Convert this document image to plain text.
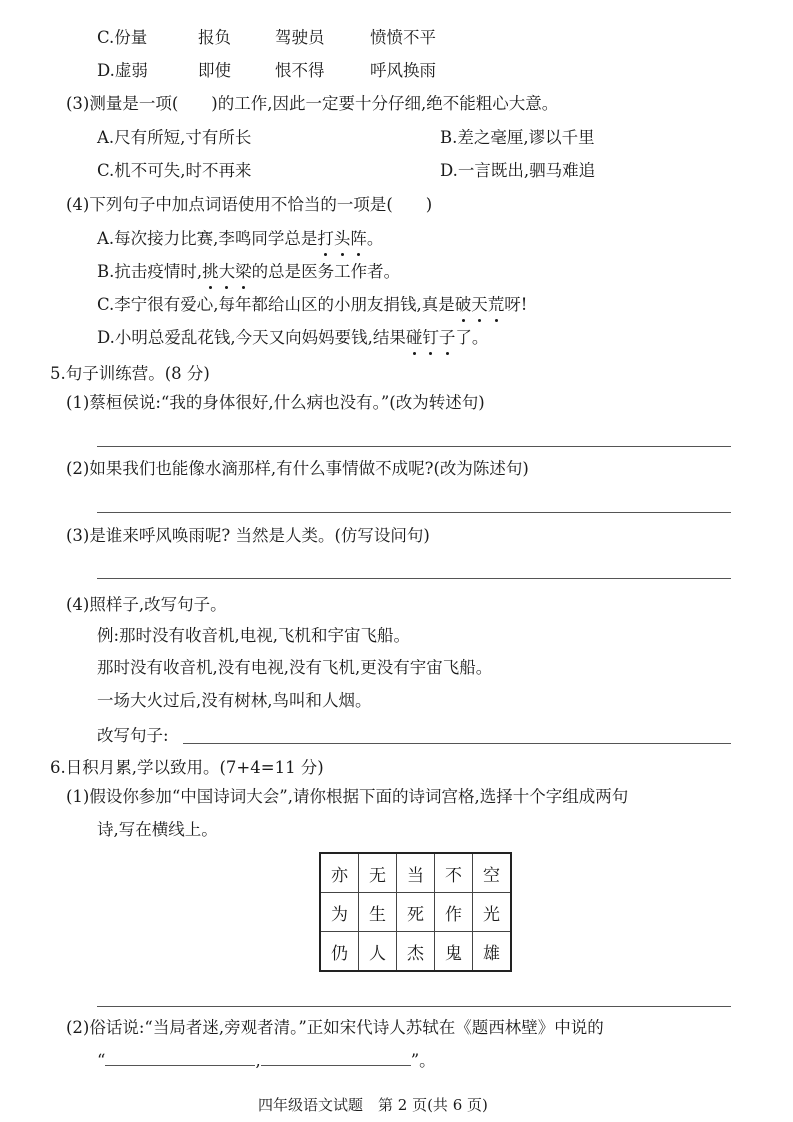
C.份量	报负	驾驶员	愤愤不平
D.虚弱	即使	恨不得	呼风换雨
(3)测量是一项(　　)的工作,因此一定要十分仔细,绝不能粗心大意。
A.尺有所短,寸有所长	B.差之毫厘,谬以千里
C.机不可失,时不再来	D.一言既出,驷马难追
(4)下列句子中加点词语使用不恰当的一项是(　　)
A.每次接力比赛,李鸣同学总是打头阵。
B.抗击疫情时,挑大梁的总是医务工作者。
C.李宁很有爱心,每年都给山区的小朋友捐钱,真是破天荒呀!
D.小明总爱乱花钱,今天又向妈妈要钱,结果碰钉子了。
5.句子训练营。(8 分)
(1)蔡桓侯说:“我的身体很好,什么病也没有。”(改为转述句)
(2)如果我们也能像水滴那样,有什么事情做不成呢?(改为陈述句)
(3)是谁来呼风唤雨呢? 当然是人类。(仿写设问句)
(4)照样子,改写句子。
例:那时没有收音机,电视,飞机和宇宙飞船。
那时没有收音机,没有电视,没有飞机,更没有宇宙飞船。
一场大火过后,没有树林,鸟叫和人烟。
改写句子:
6.日积月累,学以致用。(7+4=11 分)
(1)假设你参加“中国诗词大会”,请你根据下面的诗词宫格,选择十个字组成两句
诗,写在横线上。
亦	无	当	不	空
为	生	死	作	光
仍	人	杰	鬼	雄
(2)俗话说:“当局者迷,旁观者清。”正如宋代诗人苏轼在《题西林壁》中说的
“	,	”。
四年级语文试题　第 2 页(共 6 页)
